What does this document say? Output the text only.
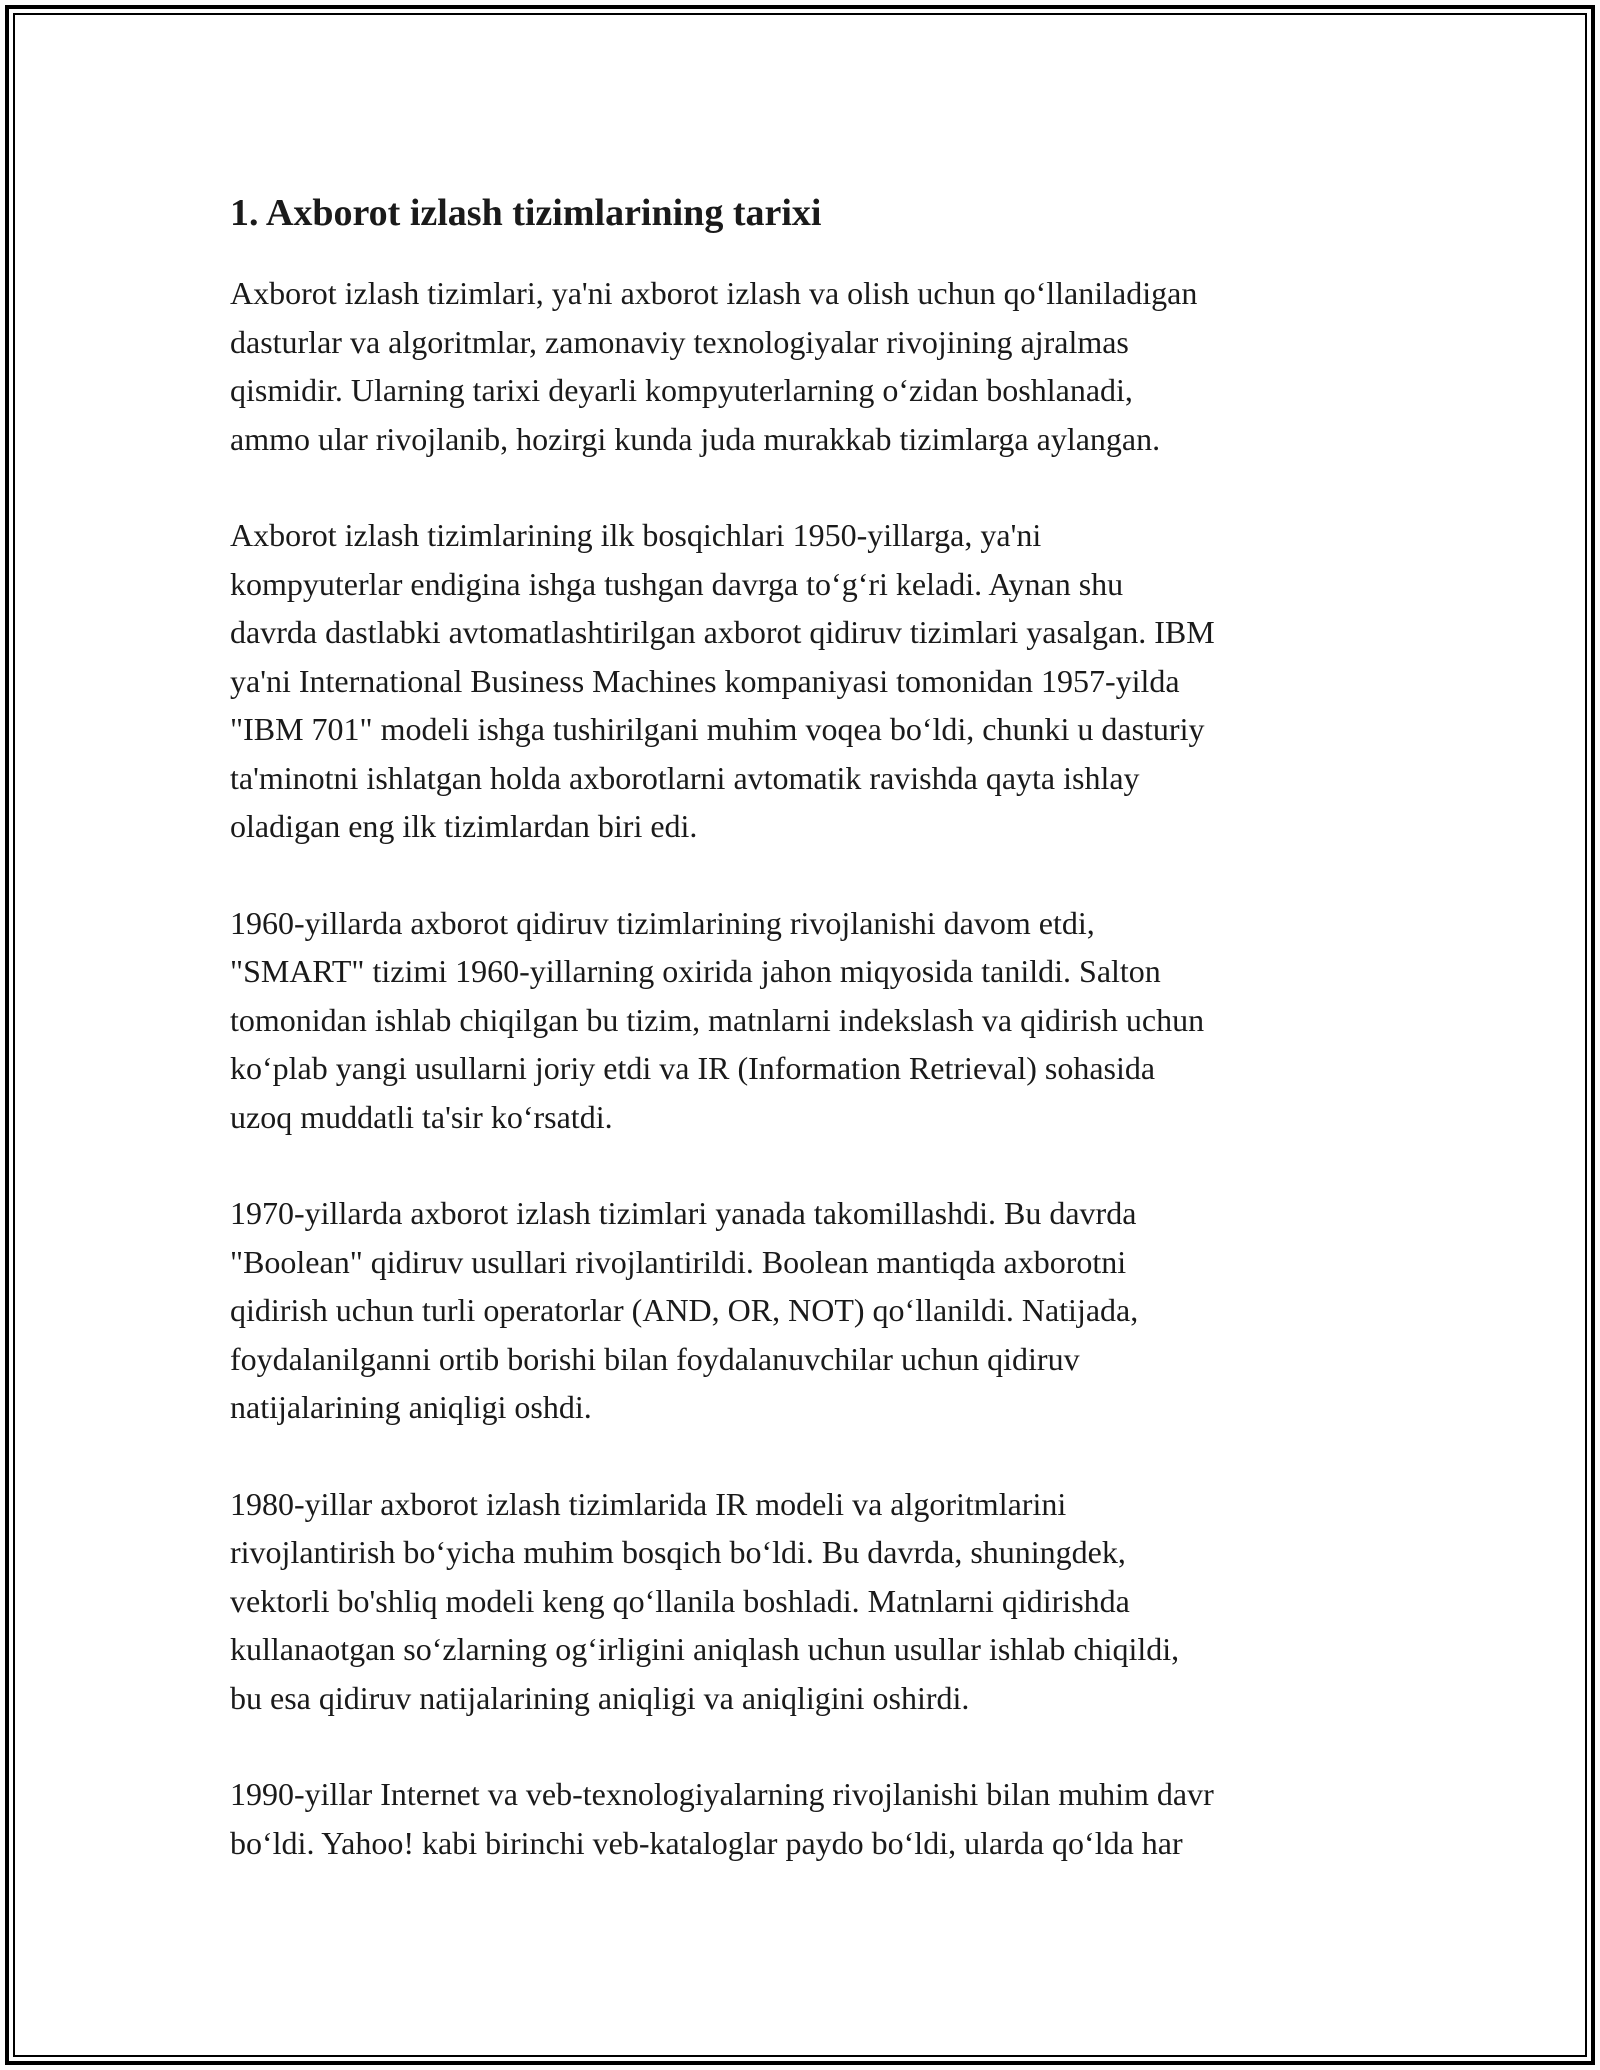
1. Axborot izlash tizimlarining tarixi

Axborot izlash tizimlari, ya'ni axborot izlash va olish uchun qo‘llaniladigan
dasturlar va algoritmlar, zamonaviy texnologiyalar rivojining ajralmas
qismidir. Ularning tarixi deyarli kompyuterlarning o‘zidan boshlanadi,
ammo ular rivojlanib, hozirgi kunda juda murakkab tizimlarga aylangan.

Axborot izlash tizimlarining ilk bosqichlari 1950-yillarga, ya'ni
kompyuterlar endigina ishga tushgan davrga to‘g‘ri keladi. Aynan shu
davrda dastlabki avtomatlashtirilgan axborot qidiruv tizimlari yasalgan. IBM
ya'ni International Business Machines kompaniyasi tomonidan 1957-yilda
"IBM 701" modeli ishga tushirilgani muhim voqea bo‘ldi, chunki u dasturiy
ta'minotni ishlatgan holda axborotlarni avtomatik ravishda qayta ishlay
oladigan eng ilk tizimlardan biri edi.

1960-yillarda axborot qidiruv tizimlarining rivojlanishi davom etdi,
"SMART" tizimi 1960-yillarning oxirida jahon miqyosida tanildi. Salton
tomonidan ishlab chiqilgan bu tizim, matnlarni indekslash va qidirish uchun
ko‘plab yangi usullarni joriy etdi va IR (Information Retrieval) sohasida
uzoq muddatli ta'sir ko‘rsatdi.

1970-yillarda axborot izlash tizimlari yanada takomillashdi. Bu davrda
"Boolean" qidiruv usullari rivojlantirildi. Boolean mantiqda axborotni
qidirish uchun turli operatorlar (AND, OR, NOT) qo‘llanildi. Natijada,
foydalanilganni ortib borishi bilan foydalanuvchilar uchun qidiruv
natijalarining aniqligi oshdi.

1980-yillar axborot izlash tizimlarida IR modeli va algoritmlarini
rivojlantirish bo‘yicha muhim bosqich bo‘ldi. Bu davrda, shuningdek,
vektorli bo'shliq modeli keng qo‘llanila boshladi. Matnlarni qidirishda
kullanaotgan so‘zlarning og‘irligini aniqlash uchun usullar ishlab chiqildi,
bu esa qidiruv natijalarining aniqligi va aniqligini oshirdi.

1990-yillar Internet va veb-texnologiyalarning rivojlanishi bilan muhim davr
bo‘ldi. Yahoo! kabi birinchi veb-kataloglar paydo bo‘ldi, ularda qo‘lda har
